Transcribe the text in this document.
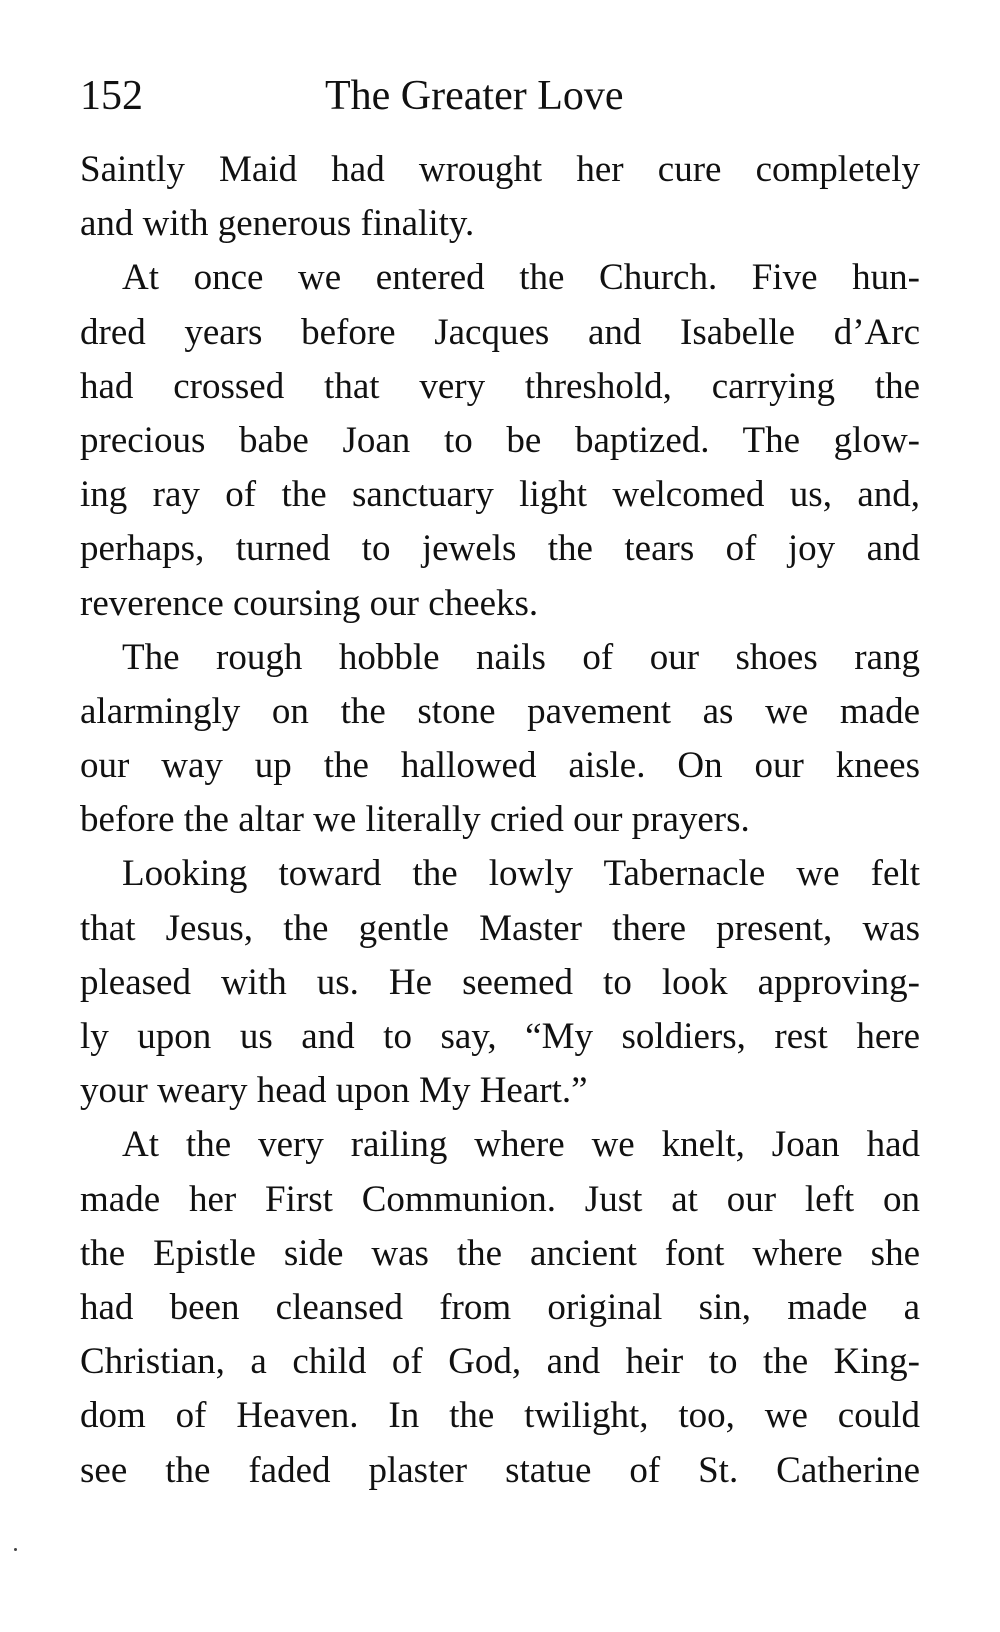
152	The Greater Love
Saintly Maid had wrought her cure completely
and with generous finality.
At once we entered the Church. Five hun-
dred years before Jacques and Isabelle d’Arc
had crossed that very threshold, carrying the
precious babe Joan to be baptized. The glow-
ing ray of the sanctuary light welcomed us, and,
perhaps, turned to jewels the tears of joy and
reverence coursing our cheeks.
The rough hobble nails of our shoes rang
alarmingly on the stone pavement as we made
our way up the hallowed aisle. On our knees
before the altar we literally cried our prayers.
Looking toward the lowly Tabernacle we felt
that Jesus, the gentle Master there present, was
pleased with us. He seemed to look approving-
ly upon us and to say, “My soldiers, rest here
your weary head upon My Heart.”
At the very railing where we knelt, Joan had
made her First Communion. Just at our left on
the Epistle side was the ancient font where she
had been cleansed from original sin, made a
Christian, a child of God, and heir to the King-
dom of Heaven. In the twilight, too, we could
see the faded plaster statue of St. Catherine
